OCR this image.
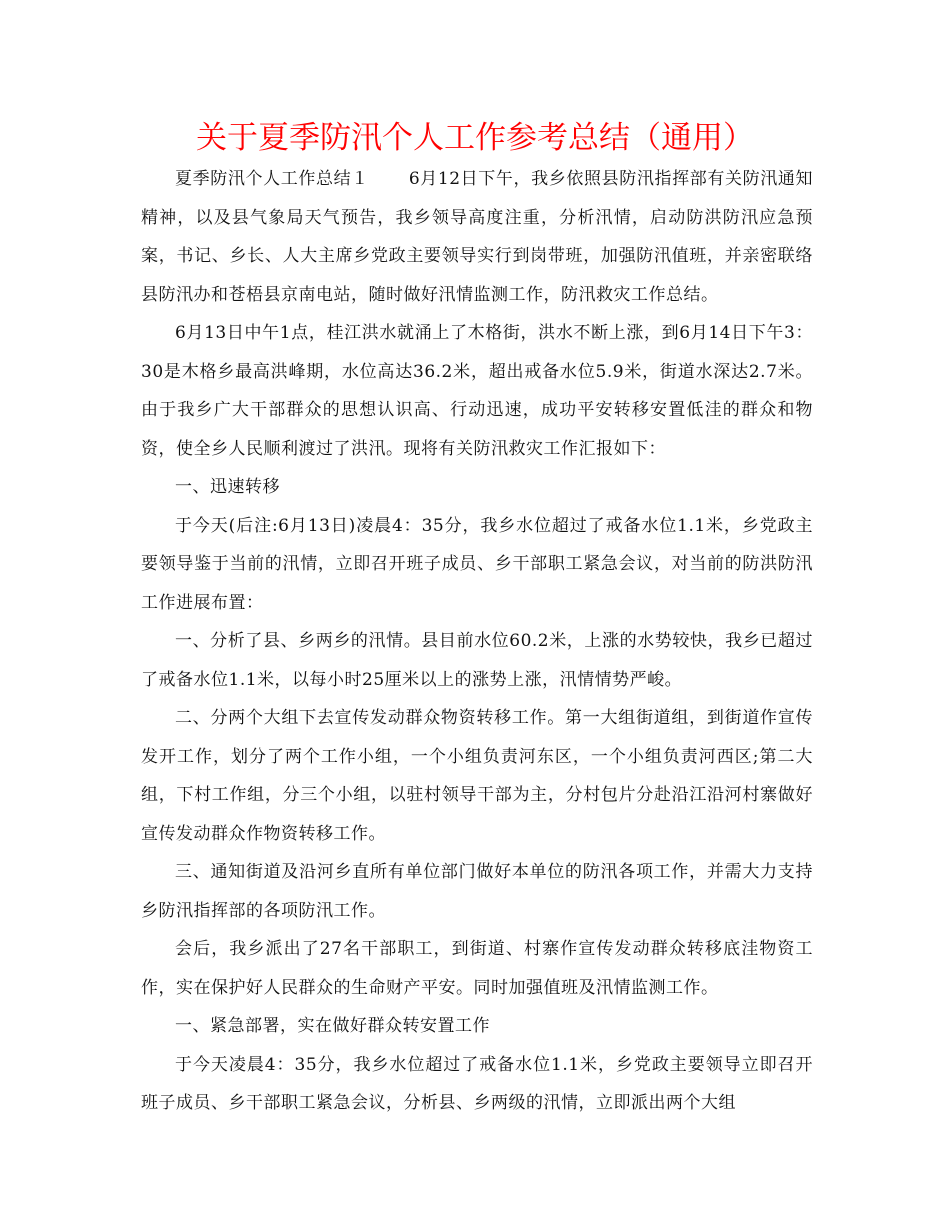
关于夏季防汛个人工作参考总结（通用）

夏季防汛个人工作总结１ 6月12日下午，我乡依照县防汛指挥部有关防汛通知精神，以及县气象局天气预告，我乡领导高度注重，分析汛情，启动防洪防汛应急预案，书记、乡长、人大主席乡党政主要领导实行到岗带班，加强防汛值班，并亲密联络县防汛办和苍梧县京南电站，随时做好汛情监测工作，防汛救灾工作总结。

6月13日中午1点，桂江洪水就涌上了木格街，洪水不断上涨，到6月14日下午3：30是木格乡最高洪峰期，水位高达36.2米，超出戒备水位5.9米，街道水深达2.7米。由于我乡广大干部群众的思想认识高、行动迅速，成功平安转移安置低洼的群众和物资，使全乡人民顺利渡过了洪汛。现将有关防汛救灾工作汇报如下：

一、迅速转移

于今天(后注:6月13日)凌晨4：35分，我乡水位超过了戒备水位1.1米，乡党政主要领导鉴于当前的汛情，立即召开班子成员、乡干部职工紧急会议，对当前的防洪防汛工作进展布置：

一、分析了县、乡两乡的汛情。县目前水位60.2米，上涨的水势较快，我乡已超过了戒备水位1.1米，以每小时25厘米以上的涨势上涨，汛情情势严峻。

二、分两个大组下去宣传发动群众物资转移工作。第一大组街道组，到街道作宣传发开工作，划分了两个工作小组，一个小组负责河东区，一个小组负责河西区;第二大组，下村工作组，分三个小组，以驻村领导干部为主，分村包片分赴沿江沿河村寨做好宣传发动群众作物资转移工作。

三、通知街道及沿河乡直所有单位部门做好本单位的防汛各项工作，并需大力支持乡防汛指挥部的各项防汛工作。

会后，我乡派出了27名干部职工，到街道、村寨作宣传发动群众转移底洼物资工作，实在保护好人民群众的生命财产平安。同时加强值班及汛情监测工作。

一、紧急部署，实在做好群众转安置工作

于今天凌晨4：35分，我乡水位超过了戒备水位1.1米，乡党政主要领导立即召开班子成员、乡干部职工紧急会议，分析县、乡两级的汛情，立即派出两个大组
